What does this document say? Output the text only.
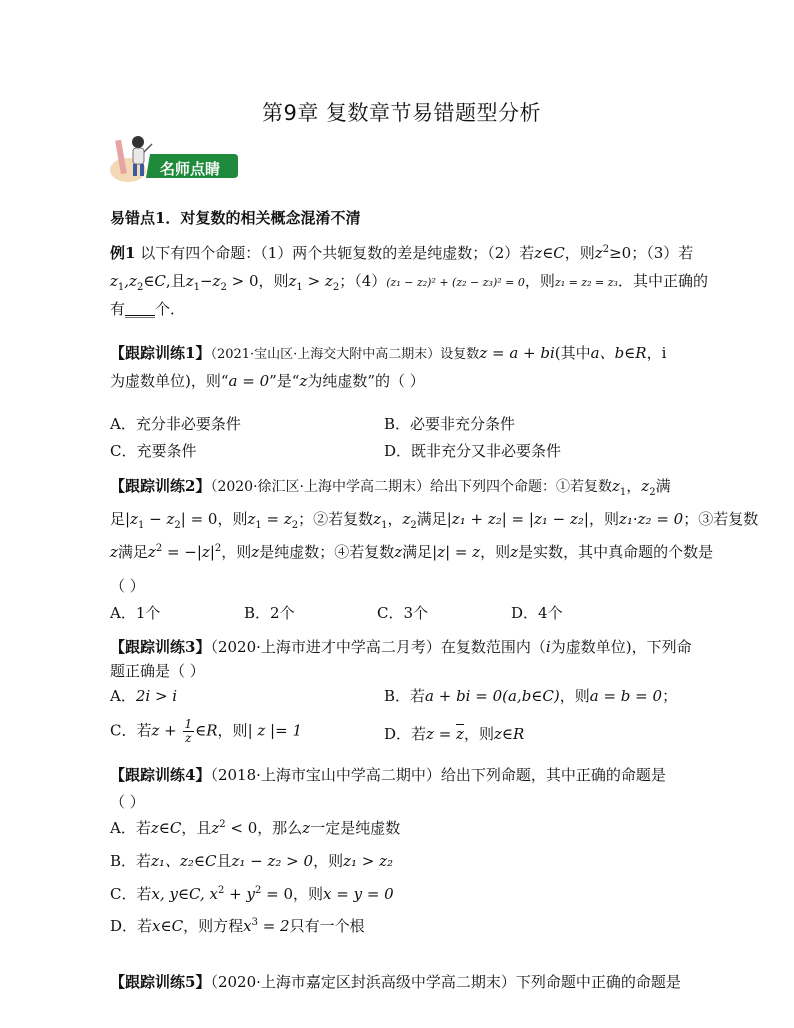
第9章 复数章节易错题型分析
名师点睛
易错点1．对复数的相关概念混淆不清
例1 以下有四个命题：（1）两个共轭复数的差是纯虚数；（2）若z∈C，则$z^2\ge 0$；（3）若
$z_1,z_2\in C$,且$z_1-z_2 > 0$，则$z_1 > z_2$；（4）(z₁ − z₂)² + (z₂ − z₃)² = 0，则z₁ = z₂ = z₃．其中正确的
有____个．
【跟踪训练1】（2021·宝山区·上海交大附中高二期末）设复数z = a + bi(其中a、b∈R，i
为虚数单位)，则“a = 0”是“z为纯虚数”的（ ）
A．充分非必要条件	B．必要非充分条件
C．充要条件	D．既非充分又非必要条件
【跟踪训练2】（2020·徐汇区·上海中学高二期末）给出下列四个命题：①若复数$z_1$，$z_2$满
足$|z_1 - z_2| = 0$，则$z_1 = z_2$；②若复数$z_1$，$z_2$满足|z₁ + z₂| = |z₁ − z₂|，则z₁·z₂ = 0；③若复数
z满足$z^2 = -|z|^2$，则z是纯虚数；④若复数z满足|z| = z，则z是实数，其中真命题的个数是
（ ）
A．1个	B．2个	C．3个	D．4个
【跟踪训练3】（2020·上海市进才中学高二月考）在复数范围内（i为虚数单位)，下列命
题正确是（ ）
A．2i > i	B．若a + bi = 0(a,b∈C)，则a = b = 0；
C．若$z + \frac{1}{z}$ ∈R，则| z |= 1	D．若z = z，则z∈R
【跟踪训练4】（2018·上海市宝山中学高二期中）给出下列命题，其中正确的命题是
（ ）
A．若z∈C，且$z^2 < 0$，那么z一定是纯虚数
B．若z₁、z₂∈C且z₁ − z₂ > 0，则z₁ > z₂
C．若x, y∈C, $x^2 + y^2 = 0$，则x = y = 0
D．若x∈C，则方程$x^3 = 2$只有一个根
【跟踪训练5】（2020·上海市嘉定区封浜高级中学高二期末）下列命题中正确的命题是
